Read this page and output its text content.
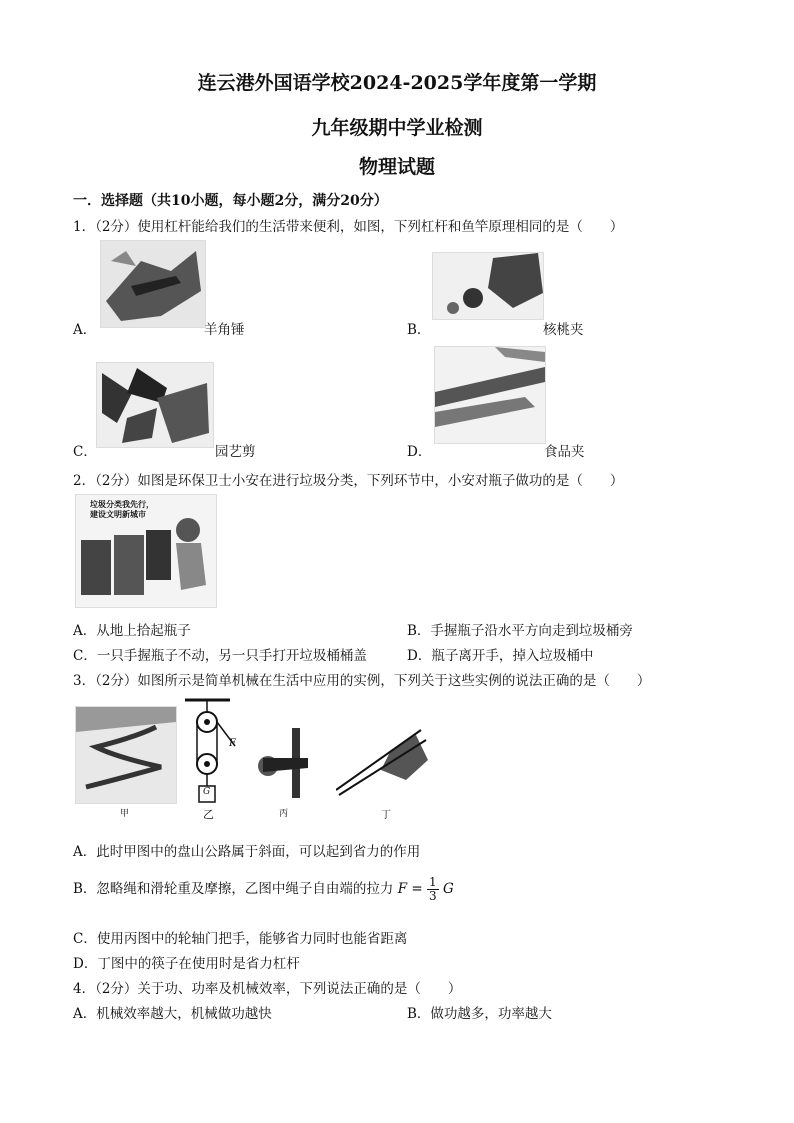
连云港外国语学校2024-2025学年度第一学期
九年级期中学业检测
物理试题
一．选择题（共10小题，每小题2分，满分20分）
1．（2分）使用杠杆能给我们的生活带来便利，如图，下列杠杆和鱼竿原理相同的是（　　）
A．	羊角锤	B．	核桃夹
C．	园艺剪	D．	食品夹
2．（2分）如图是环保卫士小安在进行垃圾分类，下列环节中，小安对瓶子做功的是（　　）
垃圾分类我先行，
建设文明新城市
A．从地上拾起瓶子	B．手握瓶子沿水平方向走到垃圾桶旁
C．一只手握瓶子不动，另一只手打开垃圾桶桶盖	D．瓶子离开手，掉入垃圾桶中
3．（2分）如图所示是简单机械在生活中应用的实例，下列关于这些实例的说法正确的是（　　）
甲
F
G
乙	丙	丁
A．此时甲图中的盘山公路属于斜面，可以起到省力的作用
B．忽略绳和滑轮重及摩擦，乙图中绳子自由端的拉力 $F = \frac{1}{3}$ G
C．使用丙图中的轮轴门把手，能够省力同时也能省距离
D．丁图中的筷子在使用时是省力杠杆
4．（2分）关于功、功率及机械效率，下列说法正确的是（　　）
A．机械效率越大，机械做功越快	B．做功越多，功率越大
